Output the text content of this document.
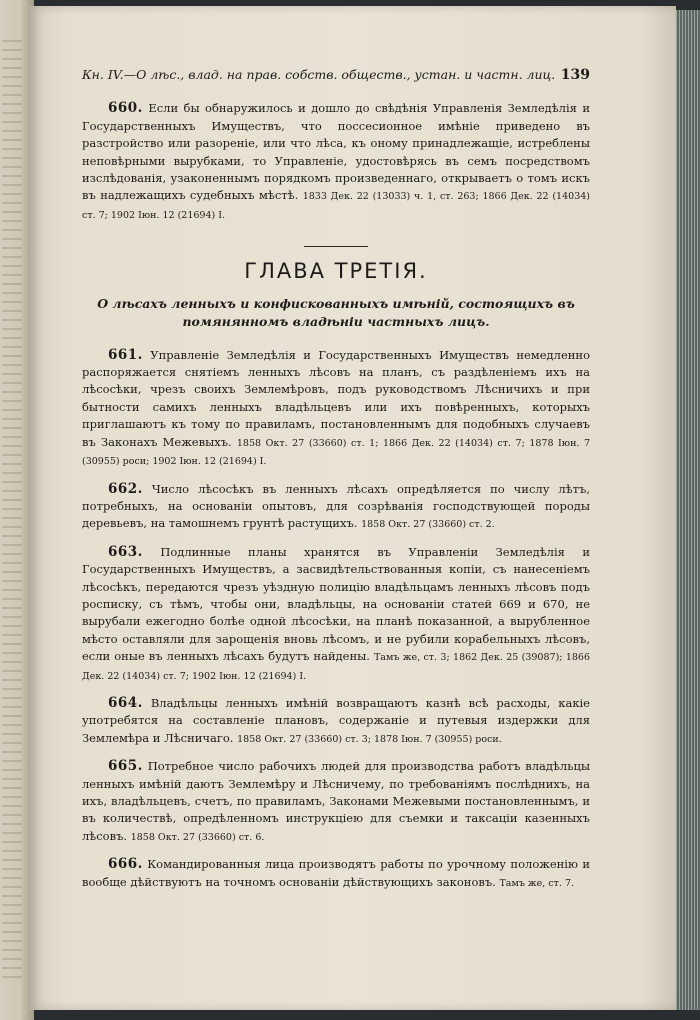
Кн. IV.—О лѣс., влад. на прав. собств. обществ., устан. и частн. лиц. 139

660. Если бы обнаружилось и дошло до свѣдѣнія Управленія Земледѣлія и Государственныхъ Имуществъ, что поссесионное имѣніе приведено въ разстройство или разореніе, или что лѣса, къ оному принадлежащіе, истреблены неповѣрными вырубками, то Управленіе, удостовѣрясь въ семъ посредствомъ изслѣдованія, узаконеннымъ порядкомъ произведеннаго, открываетъ о томъ искъ въ надлежащихъ судебныхъ мѣстѣ. 1833 Дек. 22 (13033) ч. 1, ст. 263; 1866 Дек. 22 (14034) ст. 7; 1902 Іюн. 12 (21694) I.

ГЛАВА ТРЕТІЯ.
О лѣсахъ ленныхъ и конфискованныхъ имѣній, состоящихъ въ помянянномъ владѣніи частныхъ лицъ.

661. Управленіе Земледѣлія и Государственныхъ Имуществъ немедленно распоряжается снятіемъ ленныхъ лѣсовъ на планъ, съ раздѣленіемъ ихъ на лѣсосѣки, чрезъ своихъ Землемѣровъ, подъ руководствомъ Лѣсничихъ и при бытности самихъ ленныхъ владѣльцевъ или ихъ повѣренныхъ, которыхъ приглашаютъ къ тому по правиламъ, постановленнымъ для подобныхъ случаевъ въ Законахъ Межевыхъ. 1858 Окт. 27 (33660) ст. 1; 1866 Дек. 22 (14034) ст. 7; 1878 Іюн. 7 (30955) роси; 1902 Іюн. 12 (21694) I.

662. Число лѣсосѣкъ въ ленныхъ лѣсахъ опредѣляется по числу лѣтъ, потребныхъ, на основаніи опытовъ, для созрѣванія господствующей породы деревьевъ, на тамошнемъ грунтѣ растущихъ. 1858 Окт. 27 (33660) ст. 2.

663. Подлинные планы хранятся въ Управленіи Земледѣлія и Государственныхъ Имуществъ, а засвидѣтельствованныя копіи, съ нанесеніемъ лѣсосѣкъ, передаются чрезъ уѣздную полицію владѣльцамъ ленныхъ лѣсовъ подъ росписку, съ тѣмъ, чтобы они, владѣльцы, на основаніи статей 669 и 670, не вырубали ежегодно болѣе одной лѣсосѣки, на планѣ показанной, а вырубленное мѣсто оставляли для зарощенія вновь лѣсомъ, и не рубили корабельныхъ лѣсовъ, если оные въ ленныхъ лѣсахъ будутъ найдены. Тамъ же, ст. 3; 1862 Дек. 25 (39087); 1866 Дек. 22 (14034) ст. 7; 1902 Іюн. 12 (21694) I.

664. Владѣльцы ленныхъ имѣній возвращаютъ казнѣ всѣ расходы, какіе употребятся на составленіе плановъ, содержаніе и путевыя издержки для Землемѣра и Лѣсничаго. 1858 Окт. 27 (33660) ст. 3; 1878 Іюн. 7 (30955) роси.

665. Потребное число рабочихъ людей для производства работъ владѣльцы ленныхъ имѣній даютъ Землемѣру и Лѣсничему, по требованіямъ послѣднихъ, на ихъ, владѣльцевъ, счетъ, по правиламъ, Законами Межевыми постановленнымъ, и въ количествѣ, опредѣленномъ инструкціею для съемки и таксаціи казенныхъ лѣсовъ. 1858 Окт. 27 (33660) ст. 6.

666. Командированныя лица производятъ работы по урочному положенію и вообще дѣйствуютъ на точномъ основаніи дѣйствующихъ законовъ. Тамъ же, ст. 7.
